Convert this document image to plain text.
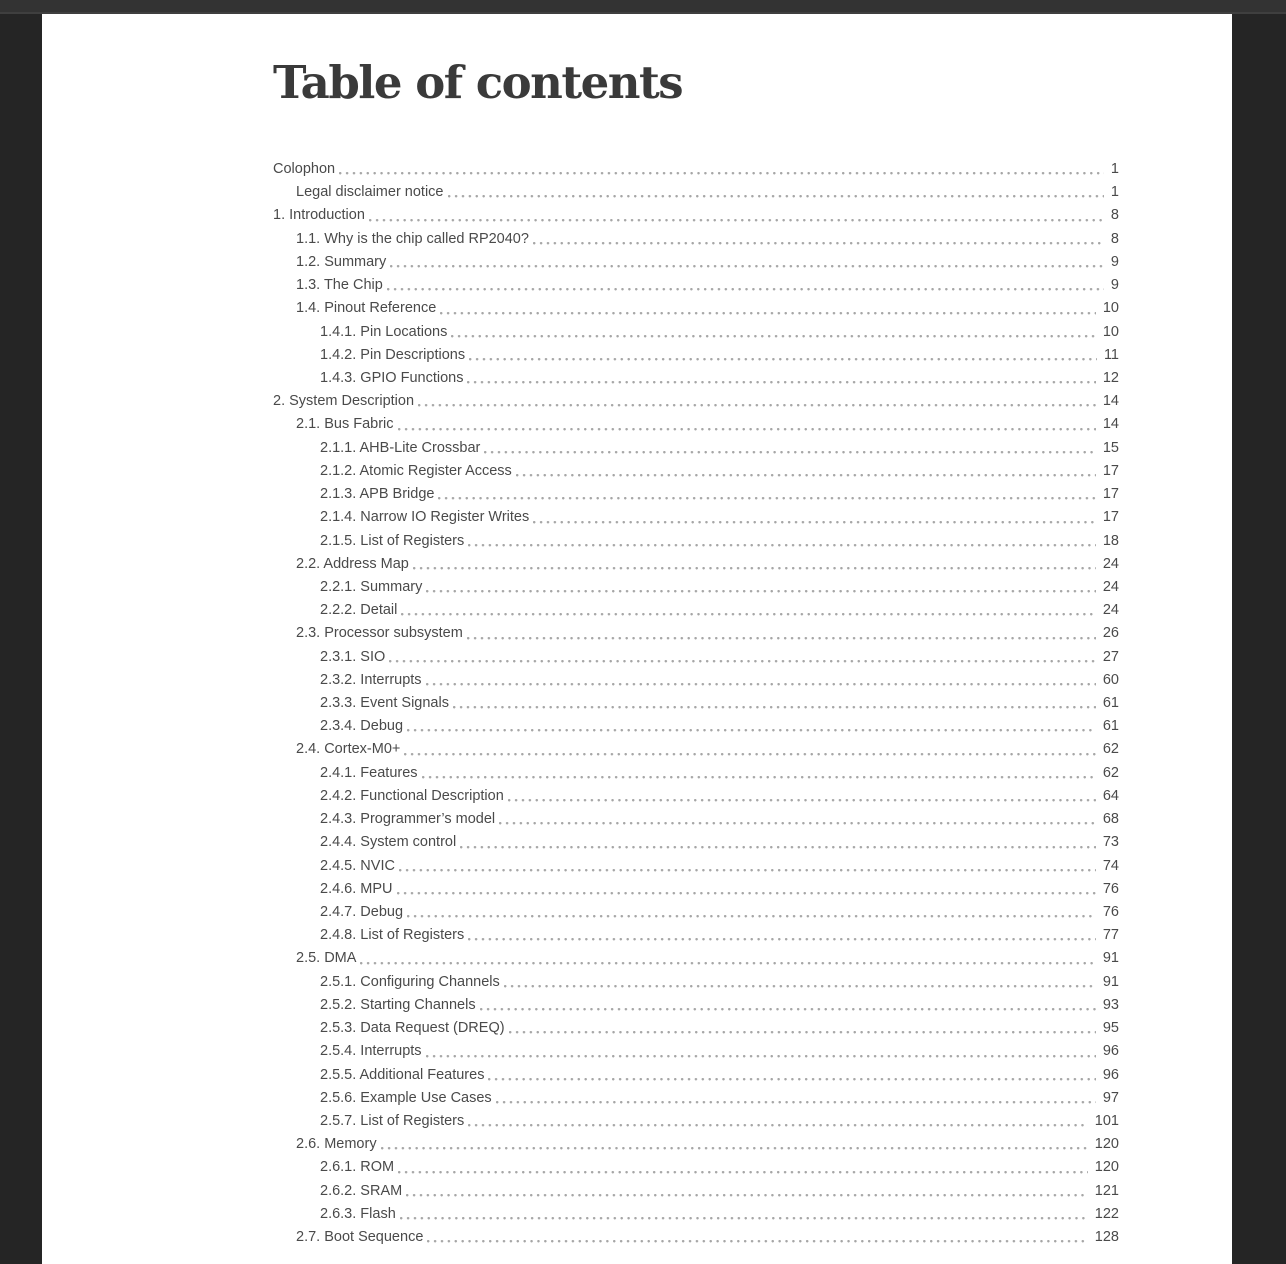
Table of contents
Colophon	1
Legal disclaimer notice	1
1. Introduction	8
1.1. Why is the chip called RP2040?	8
1.2. Summary	9
1.3. The Chip	9
1.4. Pinout Reference	10
1.4.1. Pin Locations	10
1.4.2. Pin Descriptions	11
1.4.3. GPIO Functions	12
2. System Description	14
2.1. Bus Fabric	14
2.1.1. AHB-Lite Crossbar	15
2.1.2. Atomic Register Access	17
2.1.3. APB Bridge	17
2.1.4. Narrow IO Register Writes	17
2.1.5. List of Registers	18
2.2. Address Map	24
2.2.1. Summary	24
2.2.2. Detail	24
2.3. Processor subsystem	26
2.3.1. SIO	27
2.3.2. Interrupts	60
2.3.3. Event Signals	61
2.3.4. Debug	61
2.4. Cortex-M0+	62
2.4.1. Features	62
2.4.2. Functional Description	64
2.4.3. Programmer’s model	68
2.4.4. System control	73
2.4.5. NVIC	74
2.4.6. MPU	76
2.4.7. Debug	76
2.4.8. List of Registers	77
2.5. DMA	91
2.5.1. Configuring Channels	91
2.5.2. Starting Channels	93
2.5.3. Data Request (DREQ)	95
2.5.4. Interrupts	96
2.5.5. Additional Features	96
2.5.6. Example Use Cases	97
2.5.7. List of Registers	101
2.6. Memory	120
2.6.1. ROM	120
2.6.2. SRAM	121
2.6.3. Flash	122
2.7. Boot Sequence	128
